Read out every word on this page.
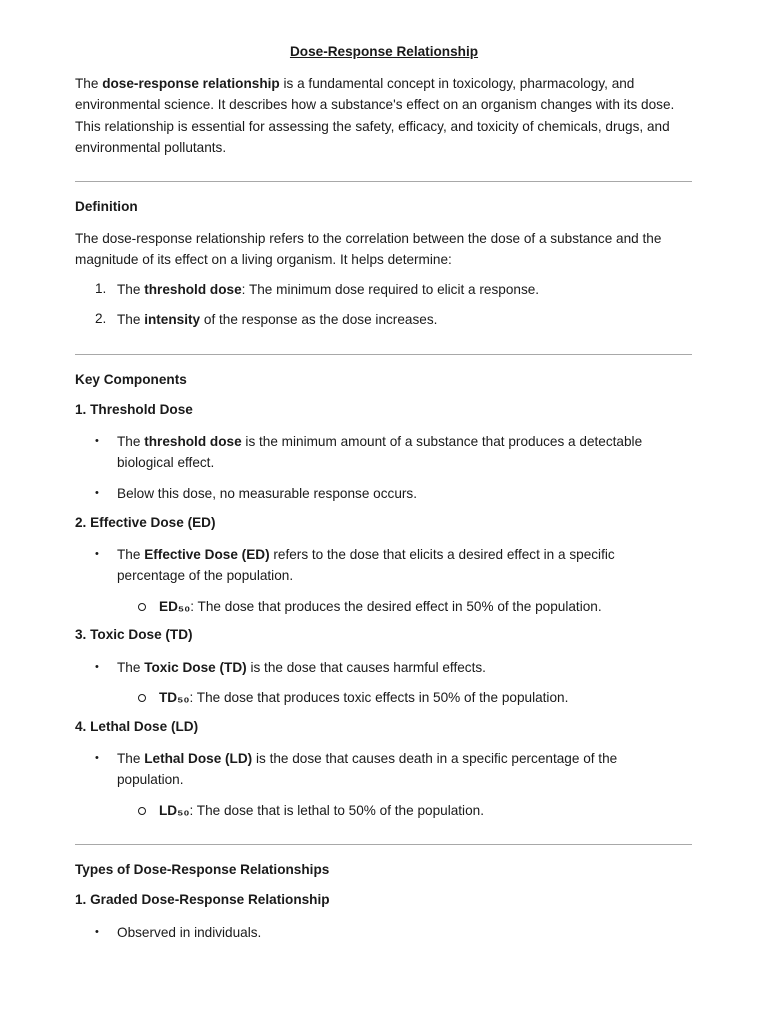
Dose-Response Relationship
The dose-response relationship is a fundamental concept in toxicology, pharmacology, and environmental science. It describes how a substance's effect on an organism changes with its dose. This relationship is essential for assessing the safety, efficacy, and toxicity of chemicals, drugs, and environmental pollutants.
Definition
The dose-response relationship refers to the correlation between the dose of a substance and the magnitude of its effect on a living organism. It helps determine:
1. The threshold dose: The minimum dose required to elicit a response.
2. The intensity of the response as the dose increases.
Key Components
1. Threshold Dose
• The threshold dose is the minimum amount of a substance that produces a detectable biological effect.
• Below this dose, no measurable response occurs.
2. Effective Dose (ED)
• The Effective Dose (ED) refers to the dose that elicits a desired effect in a specific percentage of the population.
ED₅₀: The dose that produces the desired effect in 50% of the population.
3. Toxic Dose (TD)
• The Toxic Dose (TD) is the dose that causes harmful effects.
TD₅₀: The dose that produces toxic effects in 50% of the population.
4. Lethal Dose (LD)
• The Lethal Dose (LD) is the dose that causes death in a specific percentage of the population.
LD₅₀: The dose that is lethal to 50% of the population.
Types of Dose-Response Relationships
1. Graded Dose-Response Relationship
• Observed in individuals.
